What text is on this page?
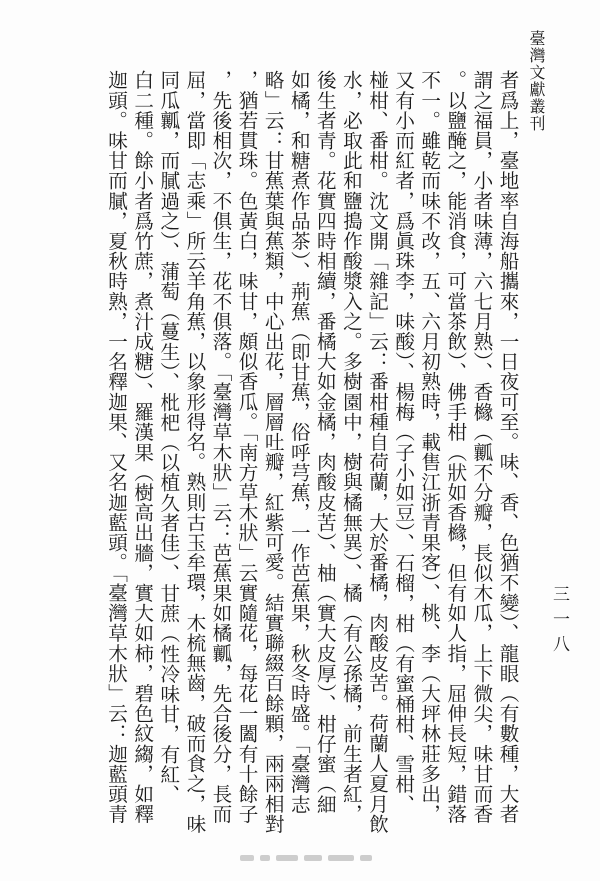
臺灣文獻叢刊
三一八
者爲上，臺地率自海船攜來，一日夜可至。味、香、色猶不變）、龍眼（有數種，大者
謂之福員，小者味薄，六七月熟）、香櫞（瓤不分瓣，長似木瓜，上下微尖，味甘而香
。以鹽醃之，能消食，可當茶飲）、佛手柑（狀如香櫞，但有如人指，屈伸長短，錯落
不一。雖乾而味不改，五、六月初熟時，載售江浙青果客）、桃、李（大坪林莊多出，
又有小而紅者，爲眞珠李，味酸）、楊梅（子小如豆）、石榴，柑（有蜜桶柑、雪柑、
椪柑、番柑。沈文開「雜記」云：番柑種自荷蘭，大於番橘，肉酸皮苦。荷蘭人夏月飲
水，必取此和鹽搗作酸漿入之。多樹園中，樹與橘無異）、橘（有公孫橘，前生者紅，
後生者青。花實四時相續，番橘大如金橘，肉酸皮苦）、柚（實大皮厚）、柑仔蜜（細
如橘，和糖煮作品茶）、荊蕉（即甘蕉，俗呼芎蕉，一作芭蕉果，秋冬時盛。「臺灣志
略」云：甘蕉葉與蕉類，中心出花，層層吐瓣，紅紫可愛。結實聯綴百餘顆，兩兩相對
，猶若貫珠。色黃白，味甘，頗似香瓜。「南方草木狀」云實隨花，每花一闔有十餘子
，先後相次，不俱生，花不俱落。「臺灣草木狀」云：芭蕉果如橘瓤，先合後分，長而
屈，當即「志乘」所云羊角蕉，以象形得名。熟則古玉牟環，木梳無齒，破而食之，味
同瓜瓤，而膩過之）、蒲萄（蔓生）、枇杷（以植久者佳）、甘蔗（性冷味甘，有紅、
白二種。餘小者爲竹蔗，煮汁成糖）、羅漢果（樹高出牆，實大如柿，碧色紋縐，如釋
迦頭。味甘而膩，夏秋時熟，一名釋迦果、又名迦藍頭。「臺灣草木狀」云：迦藍頭青
